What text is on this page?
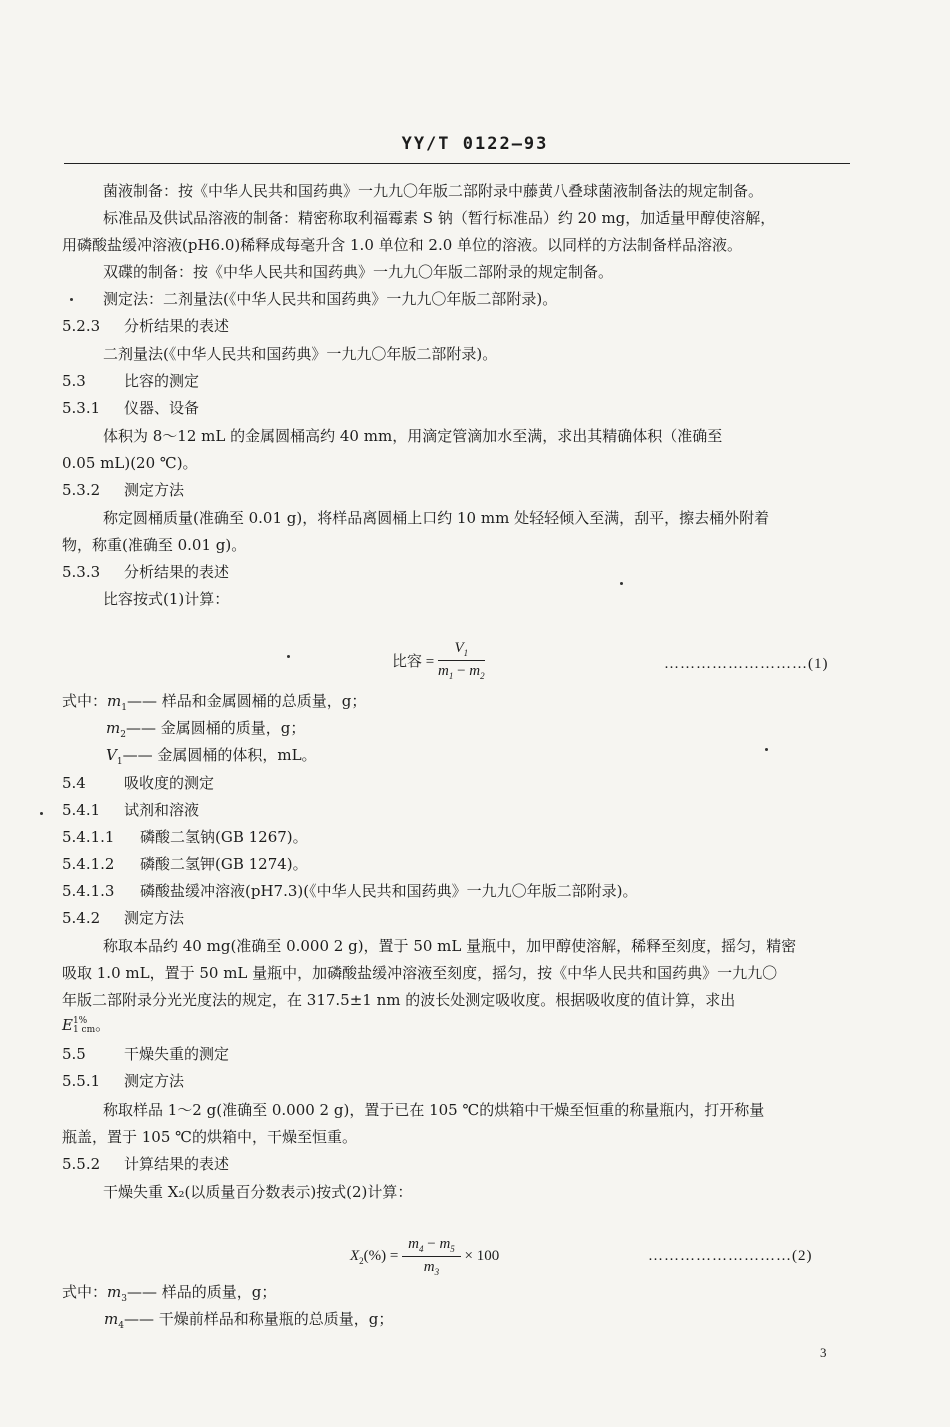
YY/T 0122—93
菌液制备：按《中华人民共和国药典》一九九〇年版二部附录中藤黄八叠球菌液制备法的规定制备。
标准品及供试品溶液的制备：精密称取利福霉素 S 钠（暂行标准品）约 20 mg，加适量甲醇使溶解，
用磷酸盐缓冲溶液(pH6.0)稀释成每毫升含 1.0 单位和 2.0 单位的溶液。以同样的方法制备样品溶液。
双碟的制备：按《中华人民共和国药典》一九九〇年版二部附录的规定制备。
测定法：二剂量法(《中华人民共和国药典》一九九〇年版二部附录)。
5.2.3 分析结果的表述
二剂量法(《中华人民共和国药典》一九九〇年版二部附录)。
5.3	比容的测定
5.3.1 仪器、设备
体积为 8～12 mL 的金属圆桶高约 40 mm，用滴定管滴加水至满，求出其精确体积（准确至
0.05 mL)(20 ℃)。
5.3.2 测定方法
称定圆桶质量(准确至 0.01 g)，将样品离圆桶上口约 10 mm 处轻轻倾入至满，刮平，擦去桶外附着
物，称重(准确至 0.01 g)。
5.3.3 分析结果的表述
比容按式(1)计算：
比容 = $\frac{V_1}{m_1 - m_2}$	………………………(1)
式中：$m_1——$ 样品和金属圆桶的总质量，g；
$m_2——$ 金属圆桶的质量，g；
$V_1——$ 金属圆桶的体积，mL。
5.4	吸收度的测定
5.4.1 试剂和溶液
5.4.1.1 磷酸二氢钠(GB 1267)。
5.4.1.2 磷酸二氢钾(GB 1274)。
5.4.1.3 磷酸盐缓冲溶液(pH7.3)(《中华人民共和国药典》一九九〇年版二部附录)。
5.4.2 测定方法
称取本品约 40 mg(准确至 0.000 2 g)，置于 50 mL 量瓶中，加甲醇使溶解，稀释至刻度，摇匀，精密
吸取 1.0 mL，置于 50 mL 量瓶中，加磷酸盐缓冲溶液至刻度，摇匀，按《中华人民共和国药典》一九九〇
年版二部附录分光光度法的规定，在 317.5±1 nm 的波长处测定吸收度。根据吸收度的值计算，求出
E 1%
1 cm 。
5.5	干燥失重的测定
5.5.1 测定方法
称取样品 1～2 g(准确至 0.000 2 g)，置于已在 105 ℃的烘箱中干燥至恒重的称量瓶内，打开称量
瓶盖，置于 105 ℃的烘箱中，干燥至恒重。
5.5.2 计算结果的表述
干燥失重 X₂(以质量百分数表示)按式(2)计算：
$X_2(\%) = \frac{m_4 - m_5}{m_3} \times 100$	………………………(2)
式中：$m_3——$ 样品的质量，g；
$m_4——$ 干燥前样品和称量瓶的总质量，g；
3
